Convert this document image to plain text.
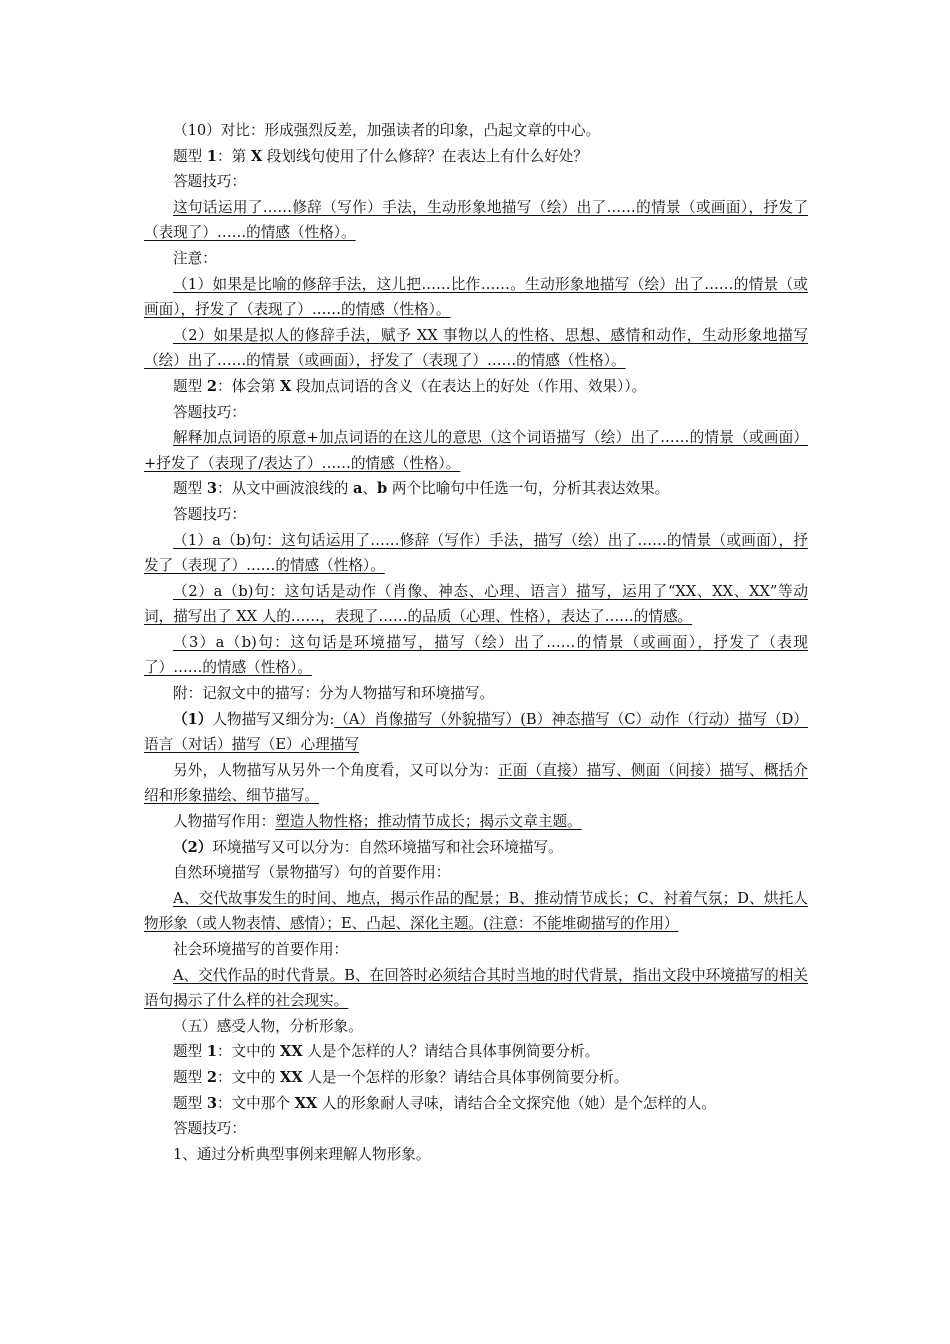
（10）对比：形成强烈反差，加强读者的印象，凸起文章的中心。

题型 1：第 X 段划线句使用了什么修辞？在表达上有什么好处？

答题技巧：

这句话运用了……修辞（写作）手法，生动形象地描写（绘）出了……的情景（或画面），抒发了（表现了）……的情感（性格）。

注意：

（1）如果是比喻的修辞手法，这儿把……比作……。生动形象地描写（绘）出了……的情景（或画面），抒发了（表现了）……的情感（性格）。

（2）如果是拟人的修辞手法，赋予 XX 事物以人的性格、思想、感情和动作，生动形象地描写（绘）出了……的情景（或画面），抒发了（表现了）……的情感（性格）。

题型 2：体会第 X 段加点词语的含义（在表达上的好处（作用、效果））。

答题技巧：

解释加点词语的原意+加点词语的在这儿的意思（这个词语描写（绘）出了……的情景（或画面）+抒发了（表现了/表达了）……的情感（性格）。

题型 3：从文中画波浪线的 a、b 两个比喻句中任选一句，分析其表达效果。

答题技巧：

（1）a（b)句：这句话运用了……修辞（写作）手法，描写（绘）出了……的情景（或画面），抒发了（表现了）……的情感（性格）。

（2）a（b)句：这句话是动作（肖像、神态、心理、语言）描写，运用了“XX、XX、XX”等动词，描写出了 XX 人的……，表现了……的品质（心理、性格），表达了……的情感。

（3）a（b)句：这句话是环境描写，描写（绘）出了……的情景（或画面），抒发了（表现了）……的情感（性格）。

附：记叙文中的描写：分为人物描写和环境描写。

（1）人物描写又细分为:（A）肖像描写（外貌描写）(B）神态描写（C）动作（行动）描写（D）语言（对话）描写（E）心理描写

另外，人物描写从另外一个角度看，又可以分为：正面（直接）描写、侧面（间接）描写、概括介绍和形象描绘、细节描写。

人物描写作用：塑造人物性格；推动情节成长；揭示文章主题。

（2）环境描写又可以分为：自然环境描写和社会环境描写。

自然环境描写（景物描写）句的首要作用：

A、交代故事发生的时间、地点，揭示作品的配景；B、推动情节成长；C、衬着气氛；D、烘托人物形象（或人物表情、感情）；E、凸起、深化主题。(注意：不能堆砌描写的作用）

社会环境描写的首要作用：

A、交代作品的时代背景。B、在回答时必须结合其时当地的时代背景，指出文段中环境描写的相关语句揭示了什么样的社会现实。

（五）感受人物，分析形象。

题型 1：文中的 XX 人是个怎样的人？请结合具体事例简要分析。

题型 2：文中的 XX 人是一个怎样的形象？请结合具体事例简要分析。

题型 3：文中那个 XX 人的形象耐人寻味，请结合全文探究他（她）是个怎样的人。

答题技巧：

1、通过分析典型事例来理解人物形象。
